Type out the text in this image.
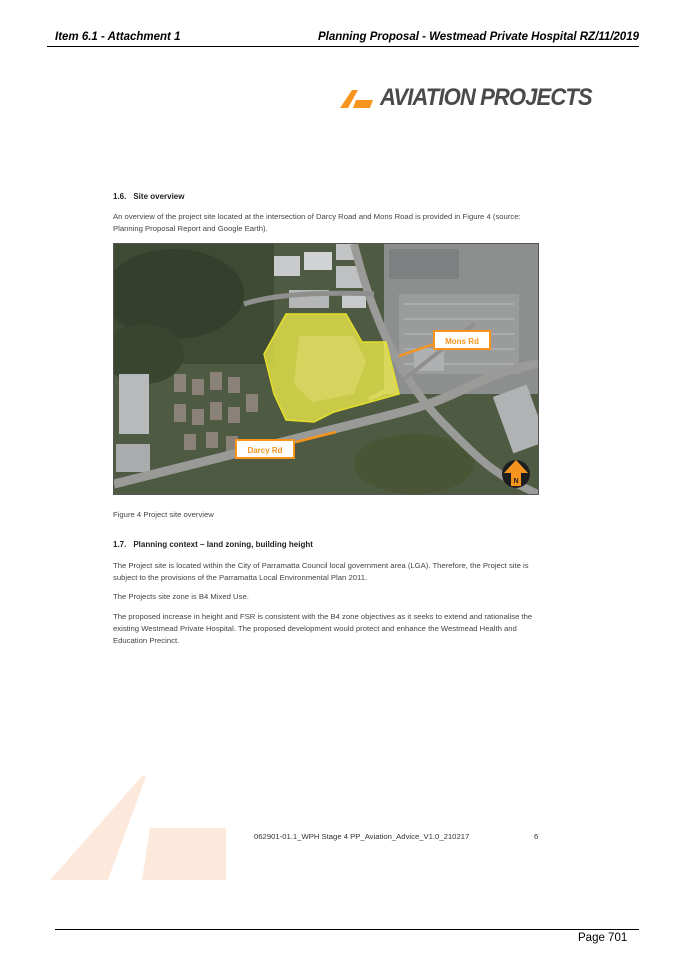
Item 6.1 - Attachment 1	Planning Proposal - Westmead Private Hospital RZ/11/2019
AVIATION PROJECTS
1.6. Site overview
An overview of the project site located at the intersection of Darcy Road and Mons Road is provided in Figure 4 (source: Planning Proposal Report and Google Earth).
Mons Rd
Darcy Rd
N
Figure 4 Project site overview
1.7. Planning context – land zoning, building height
The Project site is located within the City of Parramatta Council local government area (LGA). Therefore, the Project site is subject to the provisions of the Parramatta Local Environmental Plan 2011.
The Projects site zone is B4 Mixed Use.
The proposed increase in height and FSR is consistent with the B4 zone objectives as it seeks to extend and rationalise the existing Westmead Private Hospital. The proposed development would protect and enhance the Westmead Health and Education Precinct.
062901-01.1_WPH Stage 4 PP_Aviation_Advice_V1.0_210217	6
Page 701
